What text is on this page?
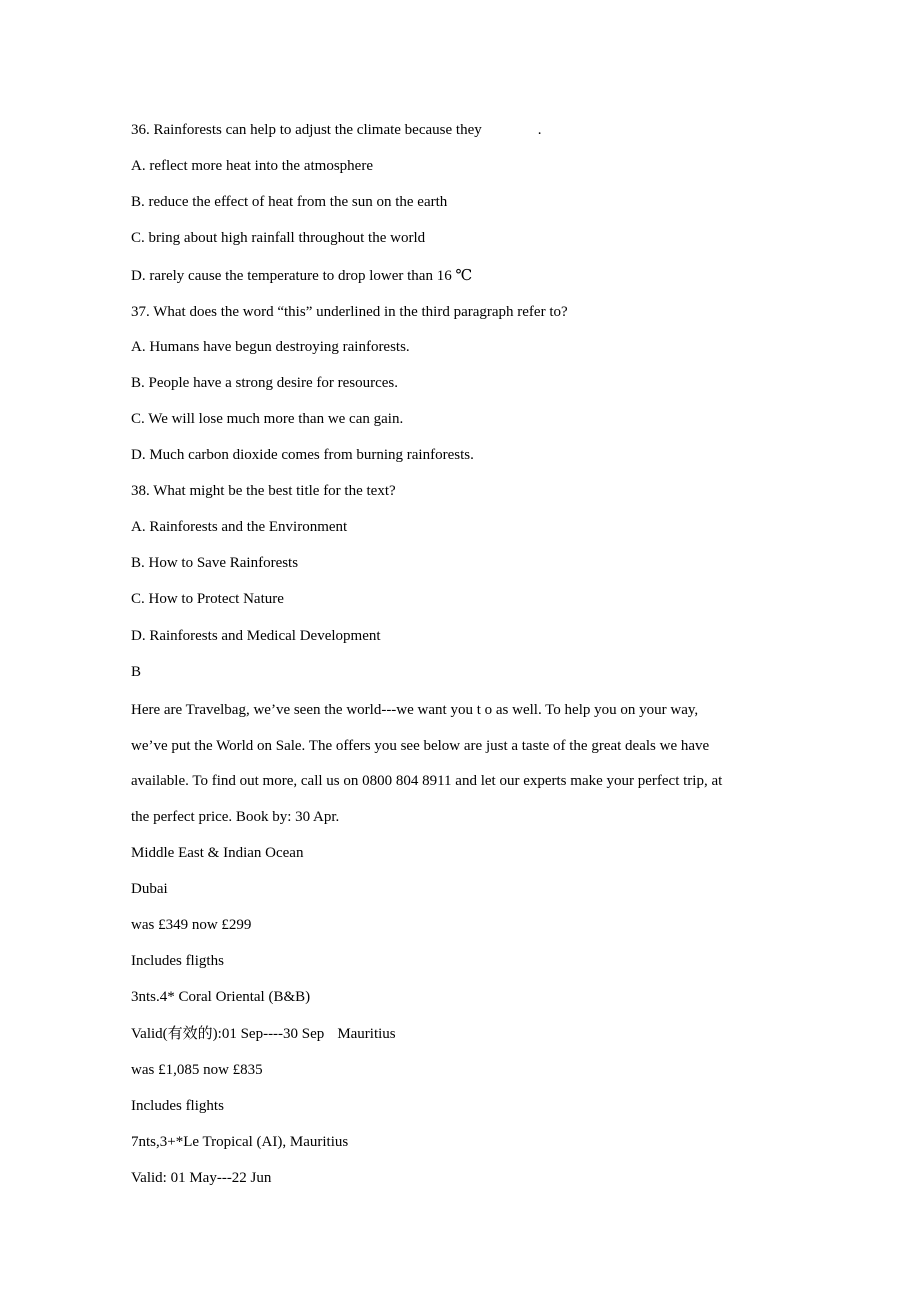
36. Rainforests can help to adjust the climate because they	.
A. reflect more heat into the atmosphere
B. reduce the effect of heat from the sun on the earth
C. bring about high rainfall throughout the world
D. rarely cause the temperature to drop lower than 16 ℃
37. What does the word “this” underlined in the third paragraph refer to?
A. Humans have begun destroying rainforests.
B. People have a strong desire for resources.
C. We will lose much more than we can gain.
D. Much carbon dioxide comes from burning rainforests.
38. What might be the best title for the text?
A. Rainforests and the Environment
B. How to Save Rainforests
C. How to Protect Nature
D. Rainforests and Medical Development
B
Here are Travelbag, we’ve seen the world---we want you t o as well. To help you on your way,
we’ve put the World on Sale. The offers you see below are just a taste of the great deals we have
available. To find out more, call us on 0800 804 8911 and let our experts make your perfect trip, at
the perfect price. Book by: 30 Apr.
Middle East & Indian Ocean
Dubai
was £349 now £299
Includes fligths
3nts.4* Coral Oriental (B&B)
Valid(有效的):01 Sep----30 Sep Mauritius
was £1,085 now £835
Includes flights
7nts,3+*Le Tropical (AI), Mauritius
Valid: 01 May---22 Jun
